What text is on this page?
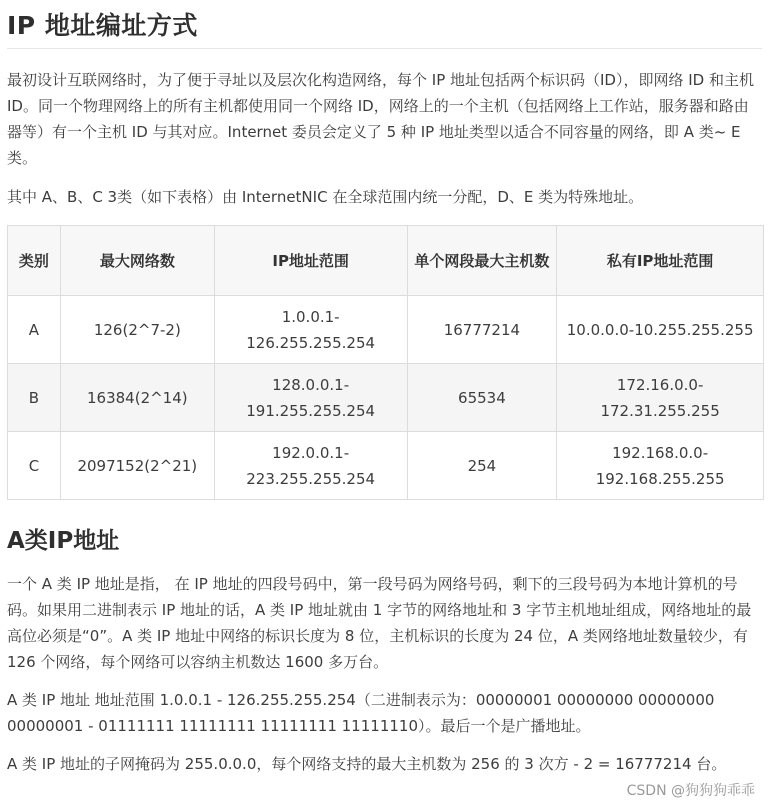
IP 地址编址方式

最初设计互联网络时，为了便于寻址以及层次化构造网络，每个 IP 地址包括两个标识码（ID），即网络 ID 和主机 ID。同一个物理网络上的所有主机都使用同一个网络 ID，网络上的一个主机（包括网络上工作站，服务器和路由器等）有一个主机 ID 与其对应。Internet 委员会定义了 5 种 IP 地址类型以适合不同容量的网络，即 A 类~ E 类。

其中 A、B、C 3类（如下表格）由 InternetNIC 在全球范围内统一分配，D、E 类为特殊地址。

类别	最大网络数	IP地址范围	单个网段最大主机数	私有IP地址范围
A	126(2^7-2)	1.0.0.1-126.255.255.254	16777214	10.0.0.0-10.255.255.255
B	16384(2^14)	128.0.0.1-191.255.255.254	65534	172.16.0.0-172.31.255.255
C	2097152(2^21)	192.0.0.1-223.255.255.254	254	192.168.0.0-192.168.255.255
A类IP地址

一个 A 类 IP 地址是指， 在 IP 地址的四段号码中，第一段号码为网络号码，剩下的三段号码为本地计算机的号码。如果用二进制表示 IP 地址的话，A 类 IP 地址就由 1 字节的网络地址和 3 字节主机地址组成，网络地址的最高位必须是“0”。A 类 IP 地址中网络的标识长度为 8 位，主机标识的长度为 24 位，A 类网络地址数量较少，有 126 个网络，每个网络可以容纳主机数达 1600 多万台。

A 类 IP 地址 地址范围 1.0.0.1 - 126.255.255.254（二进制表示为：00000001 00000000 00000000 00000001 - 01111111 11111111 11111111 11111110）。最后一个是广播地址。

A 类 IP 地址的子网掩码为 255.0.0.0，每个网络支持的最大主机数为 256 的 3 次方 - 2 = 16777214 台。

CSDN @狗狗狗乖乖
